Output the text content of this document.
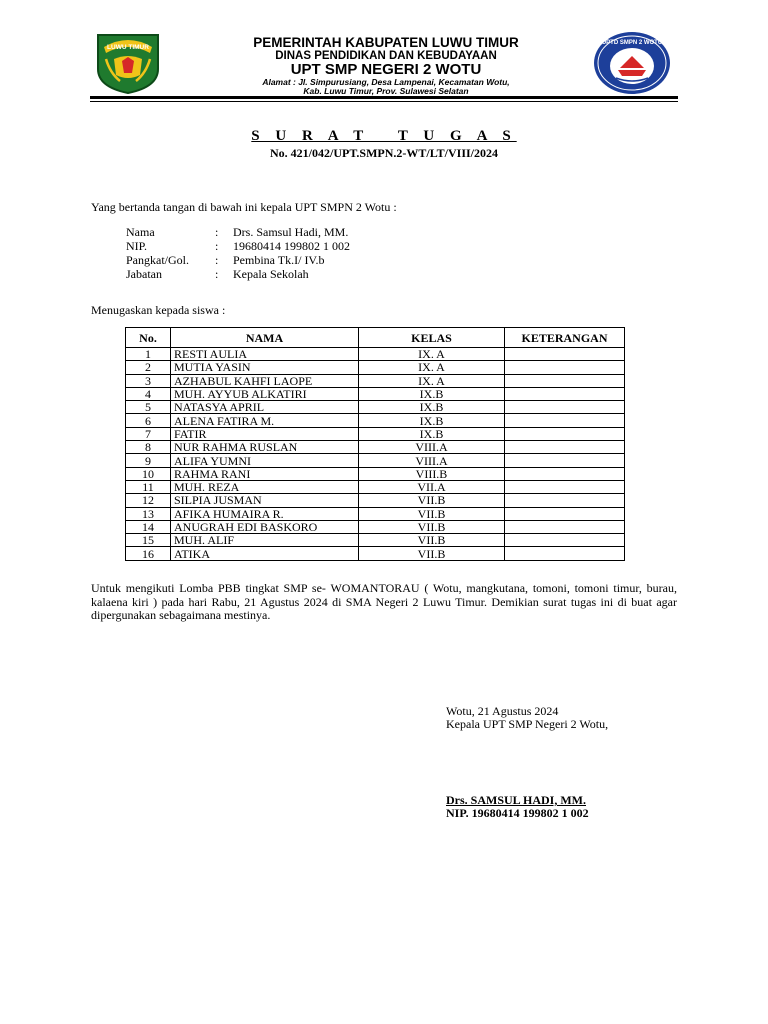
LUWU TIMUR	PEMERINTAH KABUPATEN LUWU TIMUR
DINAS PENDIDIKAN DAN KEBUDAYAAN
UPT SMP NEGERI 2 WOTU
Alamat : Jl. Simpurusiang, Desa Lampenai, Kecamatan Wotu,
Kab. Luwu Timur, Prov. Sulawesi Selatan
UPTD SMPN 2 WOTU
LUWU TIMUR
S U R A T   T U G A S
No. 421/042/UPT.SMPN.2-WT/LT/VIII/2024
Yang bertanda tangan di bawah ini kepala UPT SMPN 2 Wotu :
Nama	: Drs. Samsul Hadi, MM.
NIP.	: 19680414 199802 1 002
Pangkat/Gol. : Pembina Tk.I/ IV.b
Jabatan	: Kepala Sekolah
Menugaskan kepada siswa :
No.	NAMA	KELAS	KETERANGAN
1	RESTI AULIA	IX. A	
2	MUTIA YASIN	IX. A	
3	AZHABUL KAHFI LAOPE	IX. A	
4	MUH. AYYUB ALKATIRI	IX.B	
5	NATASYA APRIL	IX.B	
6	ALENA FATIRA M.	IX.B	
7	FATIR	IX.B	
8	NUR RAHMA RUSLAN	VIII.A	
9	ALIFA YUMNI	VIII.A	
10	RAHMA RANI	VIII.B	
11	MUH. REZA	VII.A	
12	SILPIA JUSMAN	VII.B	
13	AFIKA HUMAIRA R.	VII.B	
14	ANUGRAH EDI BASKORO	VII.B	
15	MUH. ALIF	VII.B	
16	ATIKA	VII.B	
Untuk mengikuti Lomba PBB tingkat SMP se- WOMANTORAU ( Wotu, mangkutana, tomoni, tomoni timur, burau, kalaena kiri ) pada hari Rabu, 21 Agustus 2024 di SMA Negeri 2 Luwu Timur. Demikian surat tugas ini di buat agar dipergunakan sebagaimana mestinya.
Wotu, 21 Agustus 2024
Kepala UPT SMP Negeri 2 Wotu,
Drs. SAMSUL HADI, MM.
NIP. 19680414 199802 1 002
